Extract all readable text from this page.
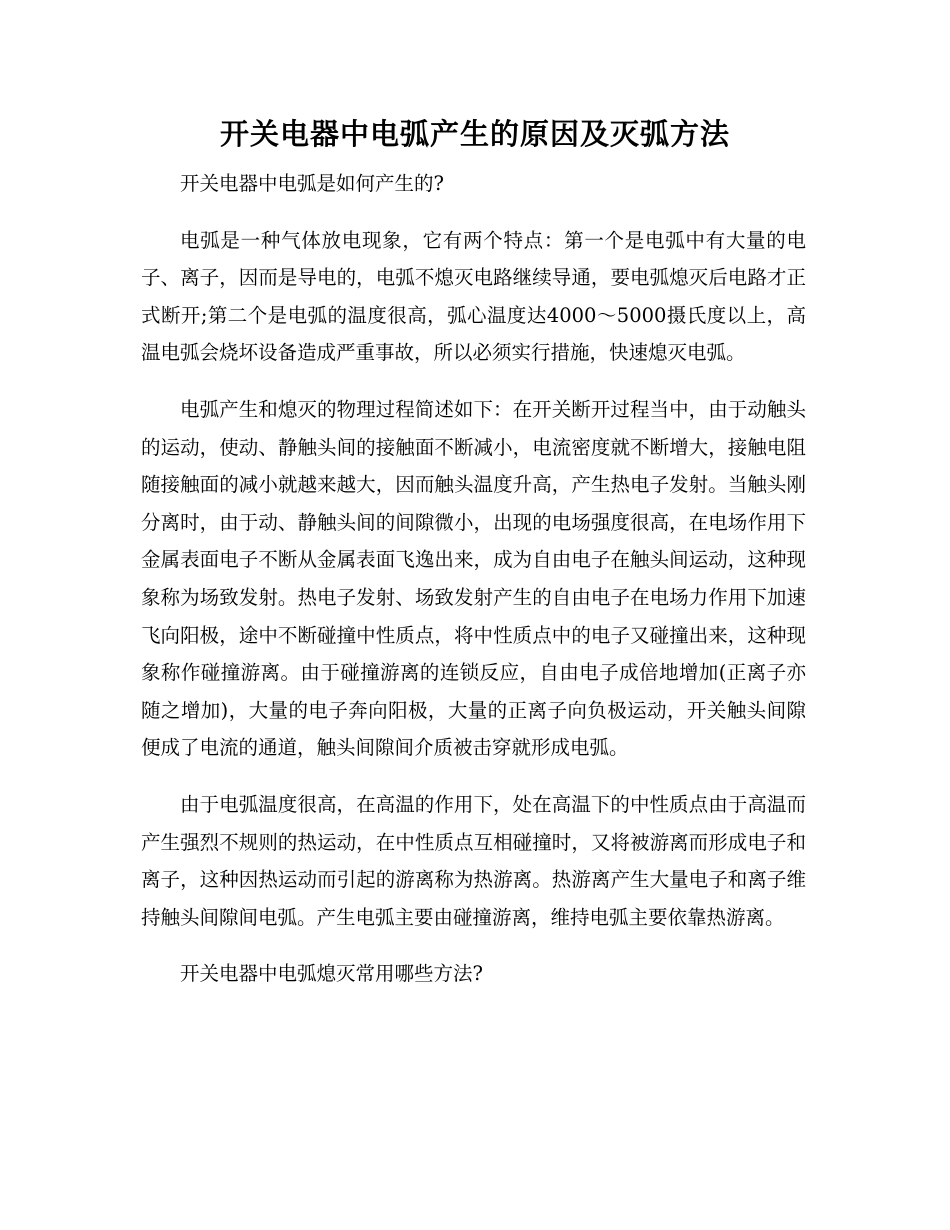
开关电器中电弧产生的原因及灭弧方法

开关电器中电弧是如何产生的?

电弧是一种气体放电现象，它有两个特点：第一个是电弧中有大量的电子、离子，因而是导电的，电弧不熄灭电路继续导通，要电弧熄灭后电路才正式断开;第二个是电弧的温度很高，弧心温度达4000～5000摄氏度以上，高温电弧会烧坏设备造成严重事故，所以必须实行措施，快速熄灭电弧。

电弧产生和熄灭的物理过程简述如下：在开关断开过程当中，由于动触头的运动，使动、静触头间的接触面不断减小，电流密度就不断增大，接触电阻随接触面的减小就越来越大，因而触头温度升高，产生热电子发射。当触头刚分离时，由于动、静触头间的间隙微小，出现的电场强度很高，在电场作用下金属表面电子不断从金属表面飞逸出来，成为自由电子在触头间运动，这种现象称为场致发射。热电子发射、场致发射产生的自由电子在电场力作用下加速飞向阳极，途中不断碰撞中性质点，将中性质点中的电子又碰撞出来，这种现象称作碰撞游离。由于碰撞游离的连锁反应，自由电子成倍地增加(正离子亦随之增加)，大量的电子奔向阳极，大量的正离子向负极运动，开关触头间隙便成了电流的通道，触头间隙间介质被击穿就形成电弧。

由于电弧温度很高，在高温的作用下，处在高温下的中性质点由于高温而产生强烈不规则的热运动，在中性质点互相碰撞时，又将被游离而形成电子和离子，这种因热运动而引起的游离称为热游离。热游离产生大量电子和离子维持触头间隙间电弧。产生电弧主要由碰撞游离，维持电弧主要依靠热游离。

开关电器中电弧熄灭常用哪些方法?
